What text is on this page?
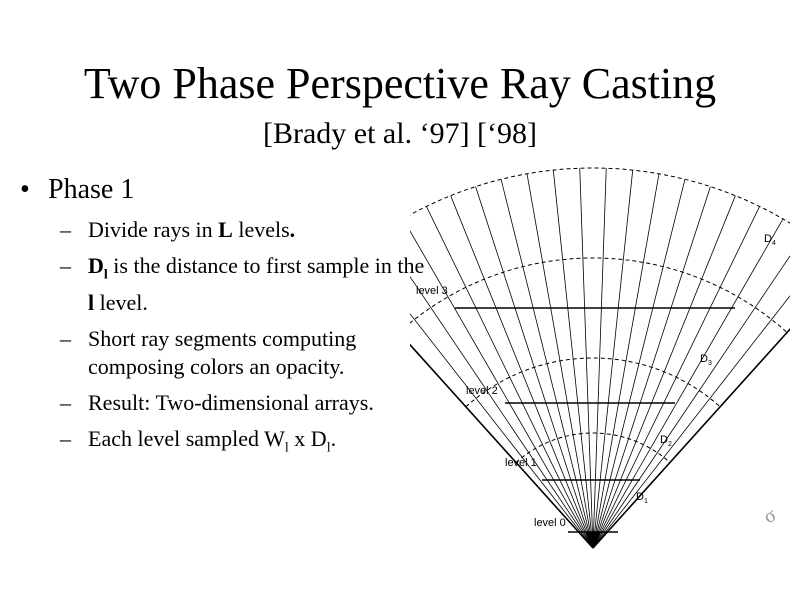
Two Phase Perspective Ray Casting
[Brady et al. ‘97] [‘98]
• Phase 1
– Divide rays in L levels.
– $D_l$ is the distance to first sample in the l level.
– Short ray segments computing composing colors an opacity.
– Result: Two-dimensional arrays.
– Each level sampled $W_l$ x $D_l$.
level 3
level 2
level 1
level 0
$D_4$
$D_3$
$D_2$
$D_1$
σ
